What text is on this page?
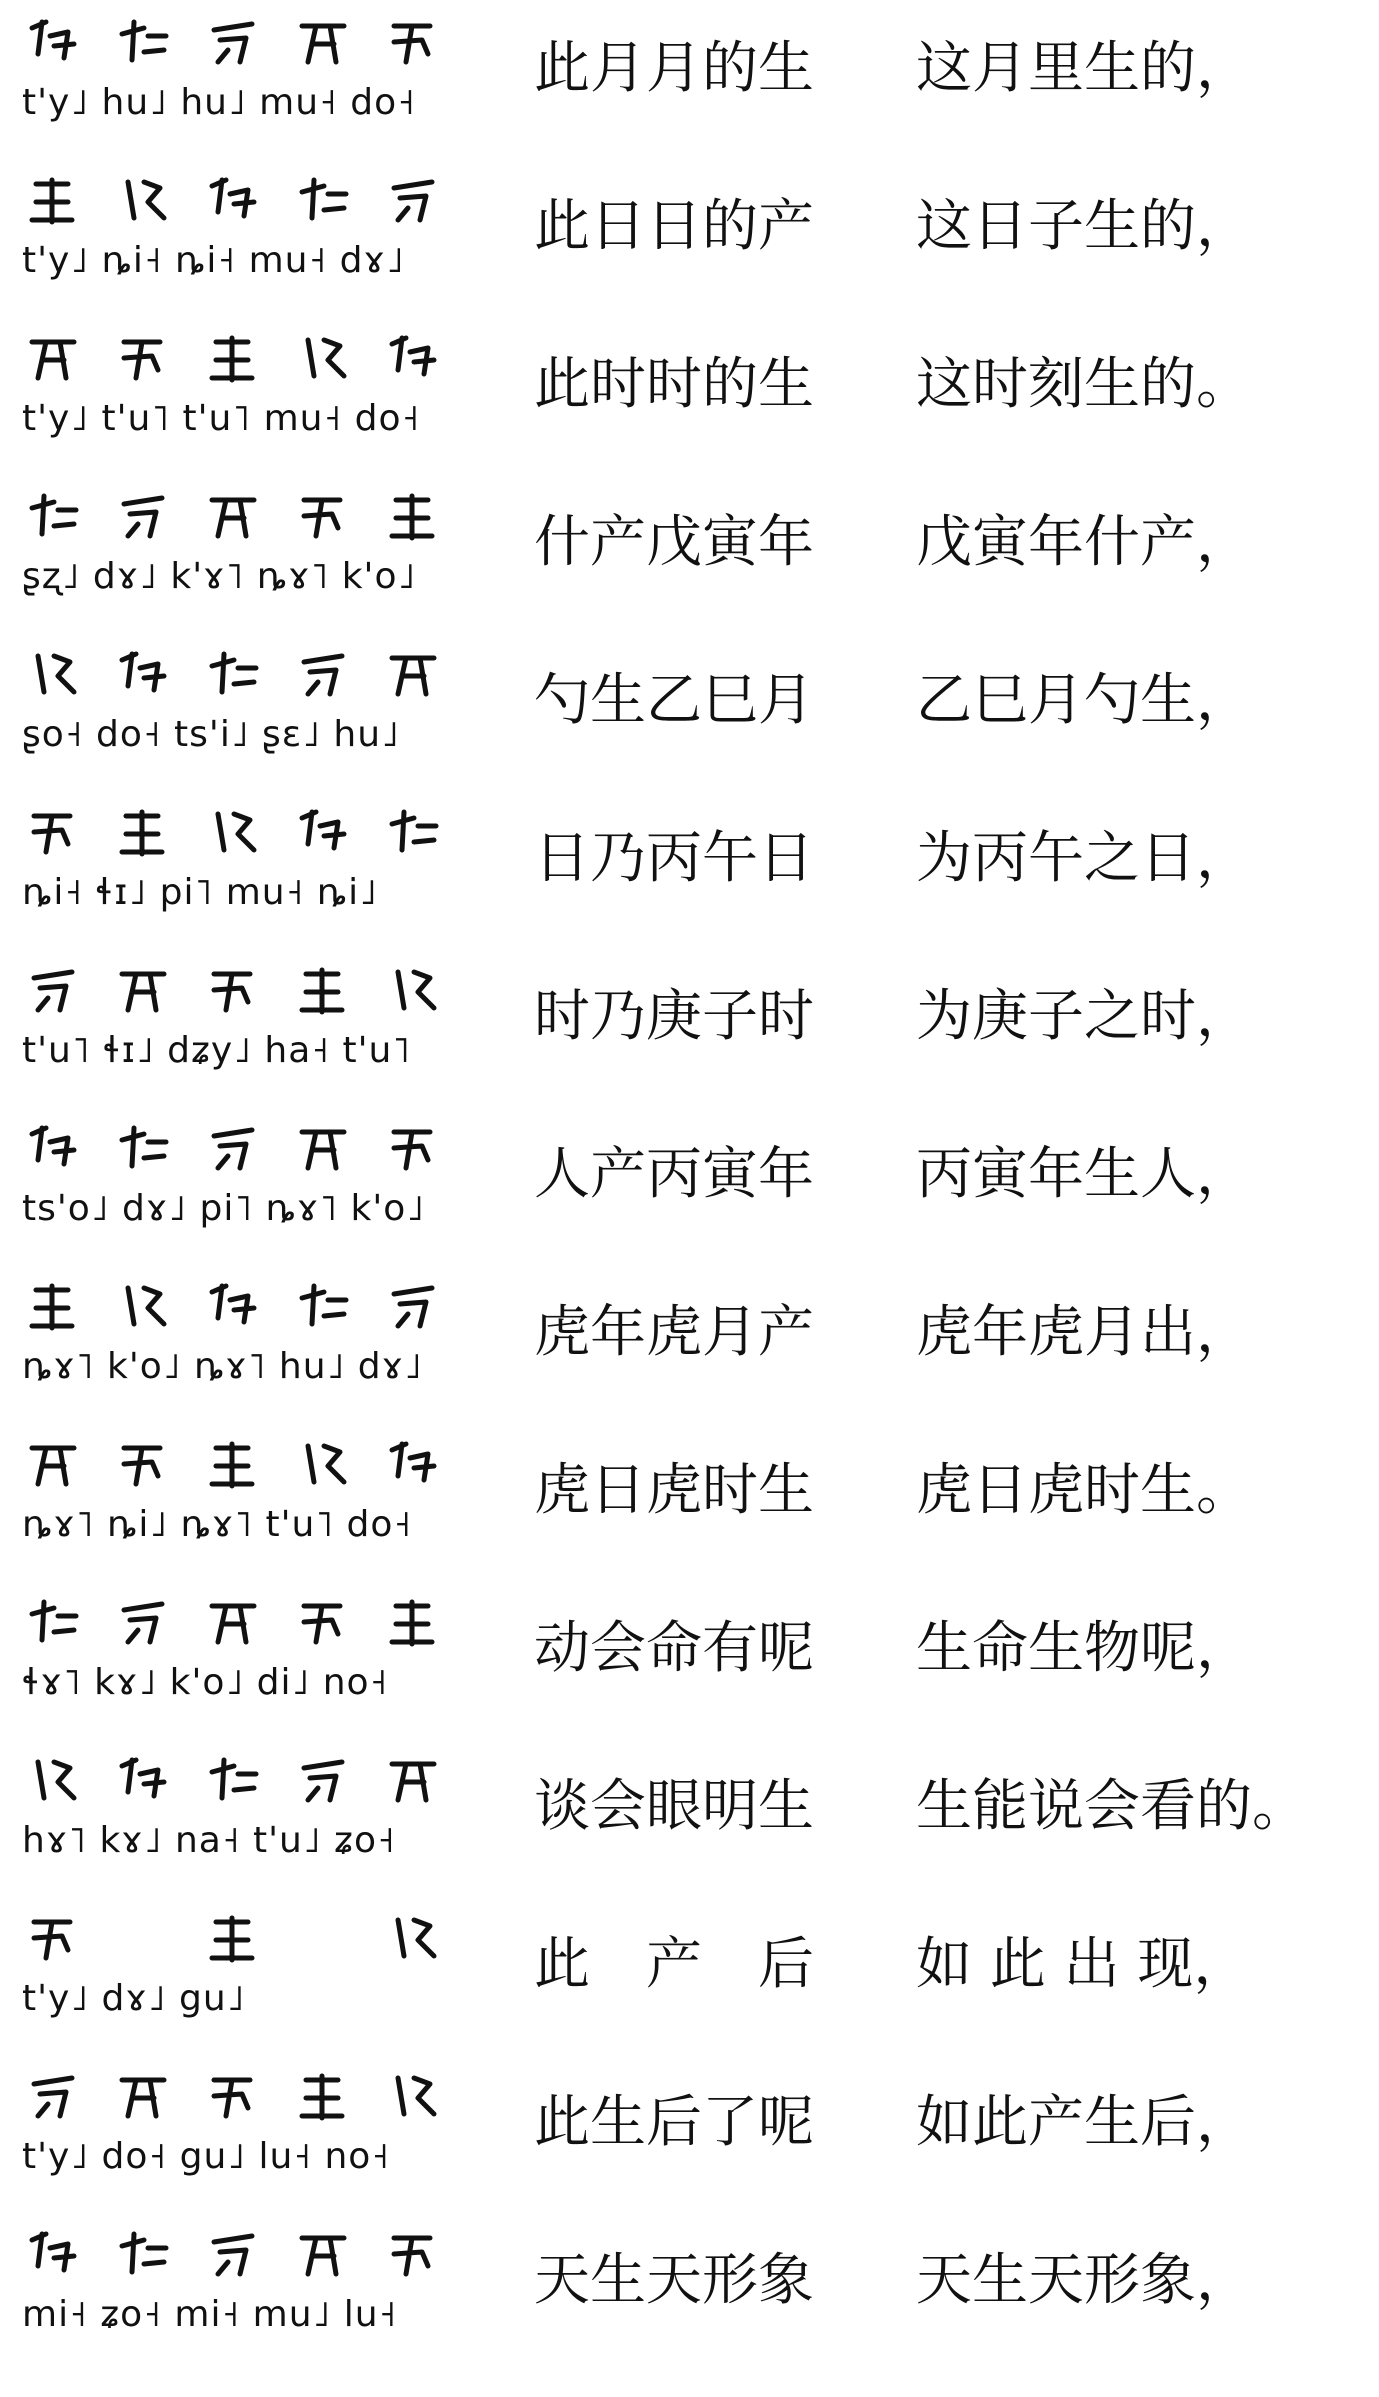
t'y˩ hu˩ hu˩ mu˧ do˧
此月月的生 这月里生的，
t'y˩ ȵi˧ ȵi˧ mu˧ dɤ˩
此日日的产 这日子生的，
t'y˩ t'u˥ t'u˥ mu˧ do˧
此时时的生 这时刻生的。
ʂʐ˩ dɤ˩ k'ɤ˥ ȵɤ˥ k'o˩
什产戊寅年 戊寅年什产，
ʂo˧ do˧ ts'i˩ ʂɛ˩ hu˩
勺生乙巳月 乙巳月勺生，
ȵi˧ ɬɪ˩ pi˥ mu˧ ȵi˩
日乃丙午日 为丙午之日，
t'u˥ ɬɪ˩ dʑy˩ ha˧ t'u˥
时乃庚子时 为庚子之时，
ts'o˩ dɤ˩ pi˥ ȵɤ˥ k'o˩
人产丙寅年 丙寅年生人，
ȵɤ˥ k'o˩ ȵɤ˥ hu˩ dɤ˩
虎年虎月产 虎年虎月出，
ȵɤ˥ ȵi˩ ȵɤ˥ t'u˥ do˧
虎日虎时生 虎日虎时生。
ɬɤ˥ kɤ˩ k'o˩ di˩ no˧
动会命有呢 生命生物呢，
hɤ˥ kɤ˩ na˧ t'u˩ ʑo˧
谈会眼明生 生能说会看的。
t'y˩ dɤ˩ gu˩
此　产　后 如 此 出 现，
t'y˩ do˧ gu˩ lu˧ no˧
此生后了呢 如此产生后，
mi˧ ʑo˧ mi˧ mu˩ lu˧
天生天形象 天生天形象，
